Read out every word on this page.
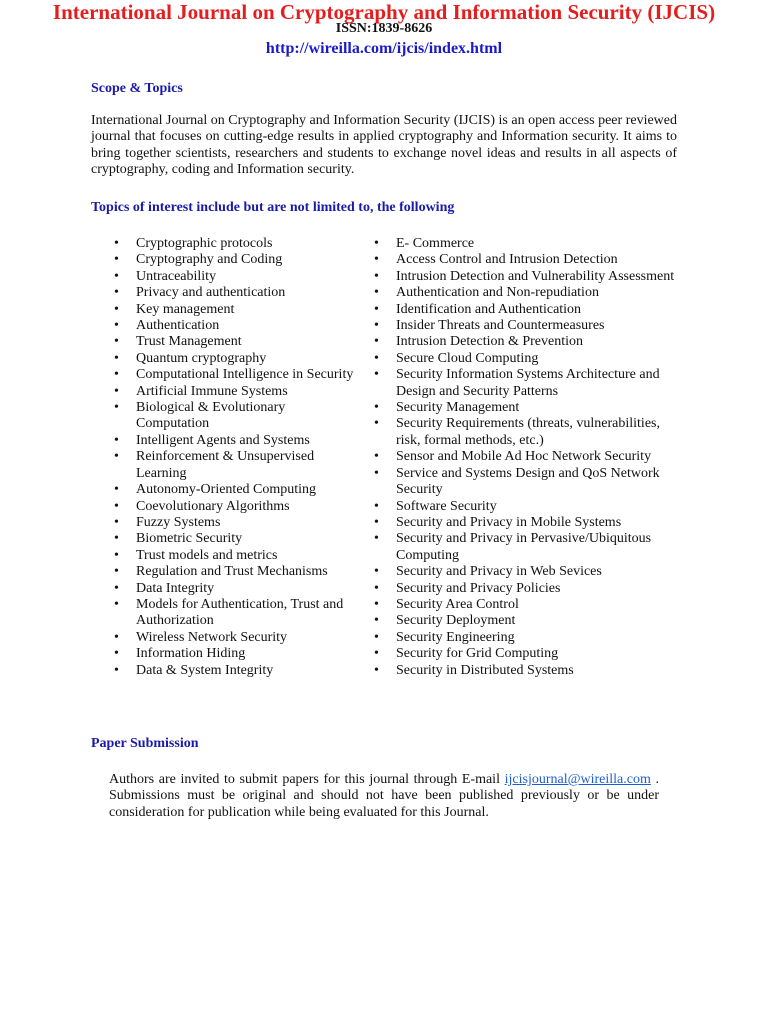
International Journal on Cryptography and Information Security (IJCIS)
ISSN:1839-8626
http://wireilla.com/ijcis/index.html
Scope & Topics
International Journal on Cryptography and Information Security (IJCIS) is an open access peer reviewed journal that focuses on cutting-edge results in applied cryptography and Information security. It aims to bring together scientists, researchers and students to exchange novel ideas and results in all aspects of cryptography, coding and Information security.
Topics of interest include but are not limited to, the following
• Cryptographic protocols
• Cryptography and Coding
• Untraceability
• Privacy and authentication
• Key management
• Authentication
• Trust Management
• Quantum cryptography
• Computational Intelligence in Security
• Artificial Immune Systems
• Biological & Evolutionary Computation
• Intelligent Agents and Systems
• Reinforcement & Unsupervised Learning
• Autonomy-Oriented Computing
• Coevolutionary Algorithms
• Fuzzy Systems
• Biometric Security
• Trust models and metrics
• Regulation and Trust Mechanisms
• Data Integrity
• Models for Authentication, Trust and Authorization
• Wireless Network Security
• Information Hiding
• Data & System Integrity
• E- Commerce
• Access Control and Intrusion Detection
• Intrusion Detection and Vulnerability Assessment
• Authentication and Non-repudiation
• Identification and Authentication
• Insider Threats and Countermeasures
• Intrusion Detection & Prevention
• Secure Cloud Computing
• Security Information Systems Architecture and Design and Security Patterns
• Security Management
• Security Requirements (threats, vulnerabilities, risk, formal methods, etc.)
• Sensor and Mobile Ad Hoc Network Security
• Service and Systems Design and QoS Network Security
• Software Security
• Security and Privacy in Mobile Systems
• Security and Privacy in Pervasive/Ubiquitous Computing
• Security and Privacy in Web Sevices
• Security and Privacy Policies
• Security Area Control
• Security Deployment
• Security Engineering
• Security for Grid Computing
• Security in Distributed Systems
Paper Submission
Authors are invited to submit papers for this journal through E-mail ijcisjournal@wireilla.com . Submissions must be original and should not have been published previously or be under consideration for publication while being evaluated for this Journal.
